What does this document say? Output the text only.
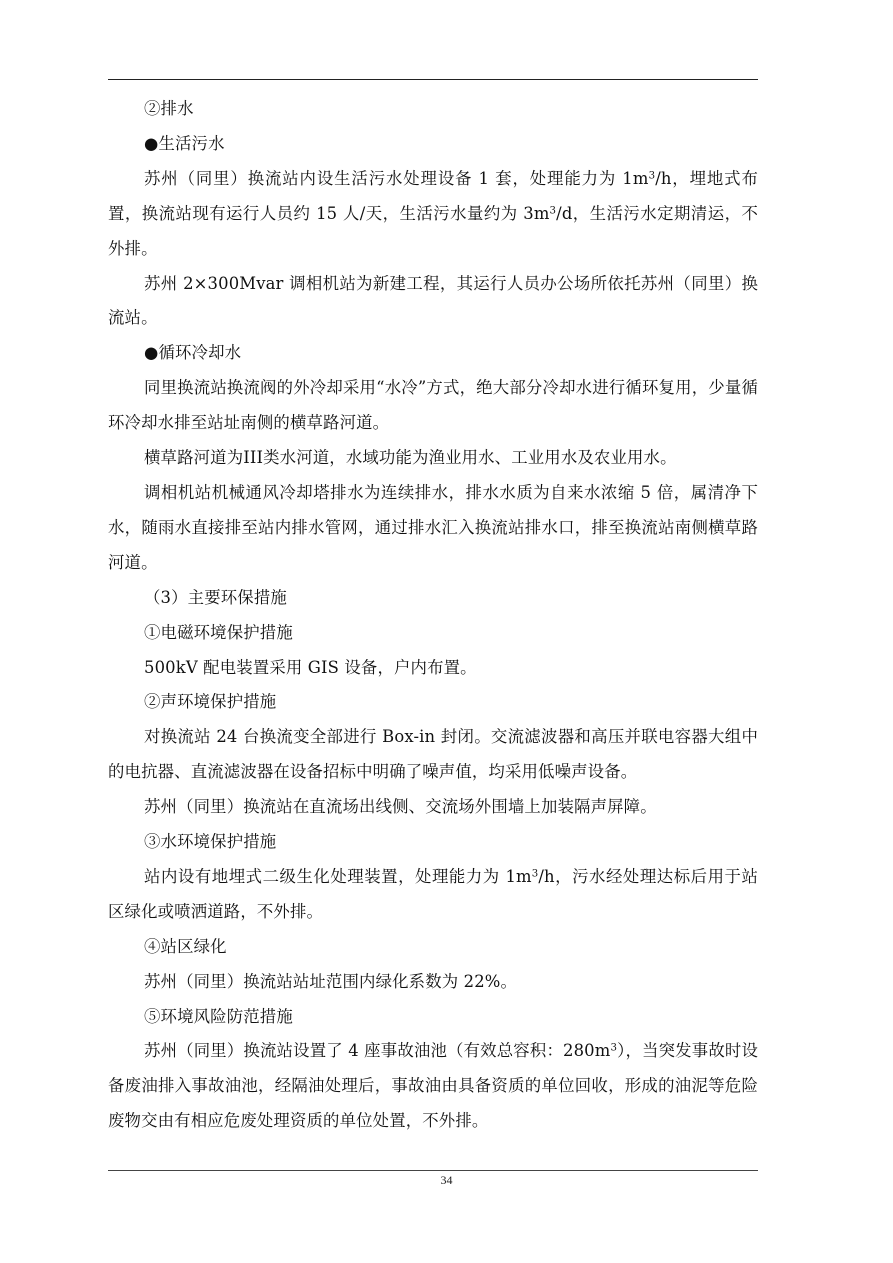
②排水

●生活污水

苏州（同里）换流站内设生活污水处理设备 1 套，处理能力为 $1m^3/h$，埋地式布置，换流站现有运行人员约 15 人/天，生活污水量约为 $3m^3/d$，生活污水定期清运，不外排。

苏州 2×300Mvar 调相机站为新建工程，其运行人员办公场所依托苏州（同里）换流站。

●循环冷却水

同里换流站换流阀的外冷却采用“水冷”方式，绝大部分冷却水进行循环复用，少量循环冷却水排至站址南侧的横草路河道。

横草路河道为III类水河道，水域功能为渔业用水、工业用水及农业用水。

调相机站机械通风冷却塔排水为连续排水，排水水质为自来水浓缩 5 倍，属清净下水，随雨水直接排至站内排水管网，通过排水汇入换流站排水口，排至换流站南侧横草路河道。

（3）主要环保措施

①电磁环境保护措施

500kV 配电装置采用 GIS 设备，户内布置。

②声环境保护措施

对换流站 24 台换流变全部进行 Box-in 封闭。交流滤波器和高压并联电容器大组中的电抗器、直流滤波器在设备招标中明确了噪声值，均采用低噪声设备。

苏州（同里）换流站在直流场出线侧、交流场外围墙上加装隔声屏障。

③水环境保护措施

站内设有地埋式二级生化处理装置，处理能力为 $1m^3/h$，污水经处理达标后用于站区绿化或喷洒道路，不外排。

④站区绿化

苏州（同里）换流站站址范围内绿化系数为 22%。

⑤环境风险防范措施

苏州（同里）换流站设置了 4 座事故油池（有效总容积：$280m^3$），当突发事故时设备废油排入事故油池，经隔油处理后，事故油由具备资质的单位回收，形成的油泥等危险废物交由有相应危废处理资质的单位处置，不外排。

34
